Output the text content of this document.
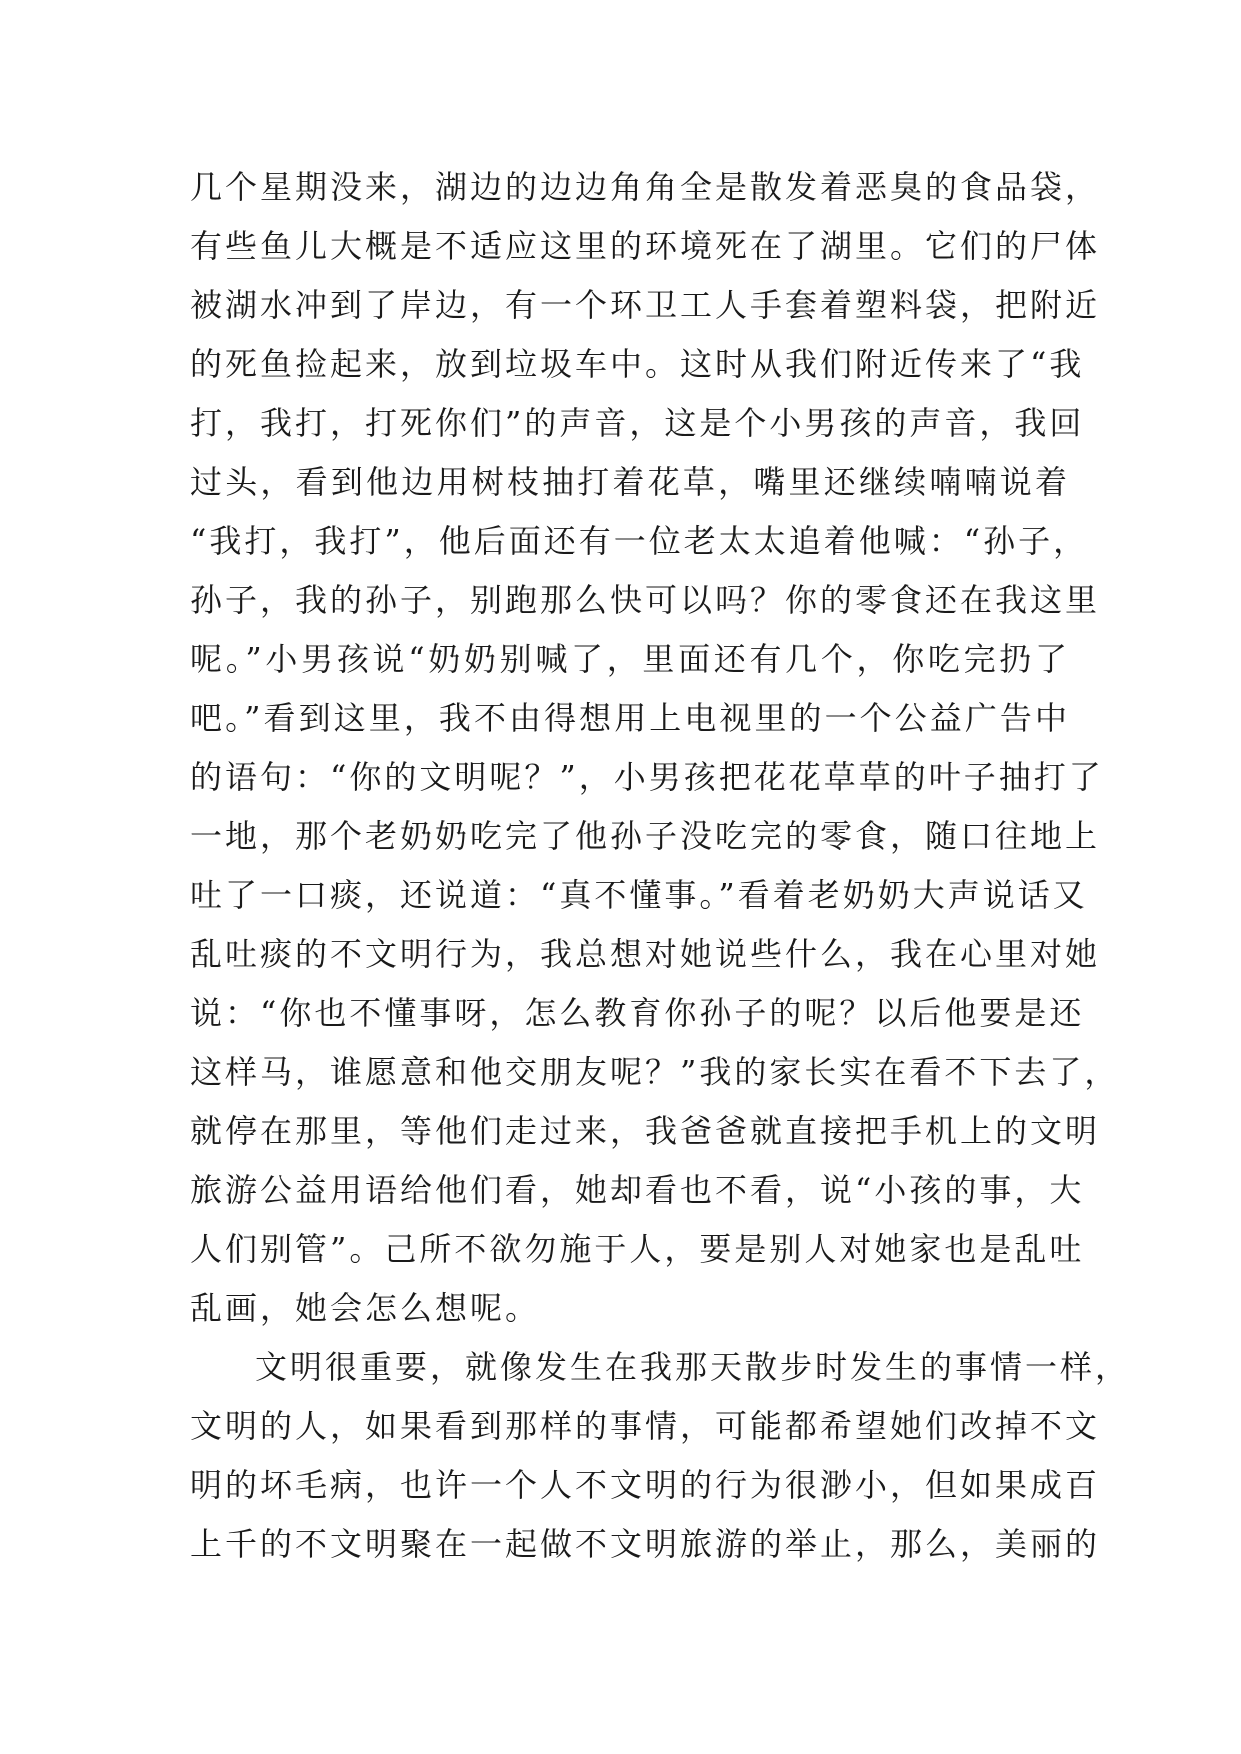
几个星期没来，湖边的边边角角全是散发着恶臭的食品袋，
有些鱼儿大概是不适应这里的环境死在了湖里。它们的尸体
被湖水冲到了岸边，有一个环卫工人手套着塑料袋，把附近
的死鱼捡起来，放到垃圾车中。这时从我们附近传来了“我
打，我打，打死你们”的声音，这是个小男孩的声音，我回
过头，看到他边用树枝抽打着花草，嘴里还继续喃喃说着
“我打，我打”，他后面还有一位老太太追着他喊：“孙子，
孙子，我的孙子，别跑那么快可以吗？你的零食还在我这里
呢。”小男孩说“奶奶别喊了，里面还有几个，你吃完扔了
吧。”看到这里，我不由得想用上电视里的一个公益广告中
的语句：“你的文明呢？”，小男孩把花花草草的叶子抽打了
一地，那个老奶奶吃完了他孙子没吃完的零食，随口往地上
吐了一口痰，还说道：“真不懂事。”看着老奶奶大声说话又
乱吐痰的不文明行为，我总想对她说些什么，我在心里对她
说：“你也不懂事呀，怎么教育你孙子的呢？以后他要是还
这样马，谁愿意和他交朋友呢？”我的家长实在看不下去了，
就停在那里，等他们走过来，我爸爸就直接把手机上的文明
旅游公益用语给他们看，她却看也不看，说“小孩的事，大
人们别管”。己所不欲勿施于人，要是别人对她家也是乱吐
乱画，她会怎么想呢。
文明很重要，就像发生在我那天散步时发生的事情一样，
文明的人，如果看到那样的事情，可能都希望她们改掉不文
明的坏毛病，也许一个人不文明的行为很渺小，但如果成百
上千的不文明聚在一起做不文明旅游的举止，那么，美丽的
